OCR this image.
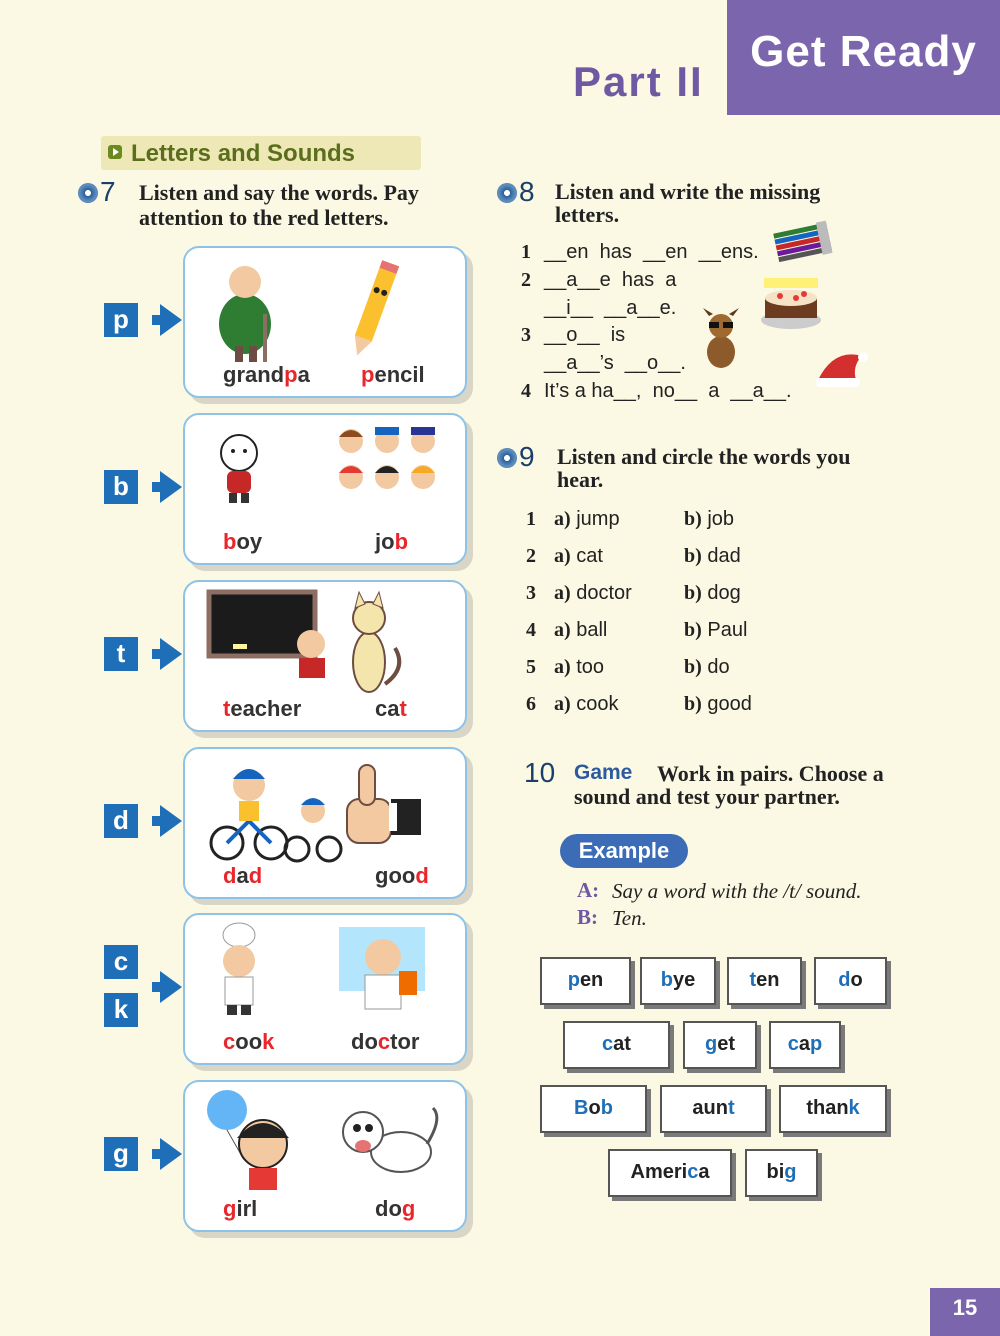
Get Ready
Part II
Letters and Sounds
7 Listen and say the words. Pay attention to the red letters.
grandpa pencil
p
boy	job
b
teacher	cat
t
dad	good
d
cook	doctor
c
k
girl	dog
g
8 Listen and write the missing letters.
1 __en  has  __en  __ens.
2 __a__e  has  a
__i__  __a__e.
3 __o__  is
__a__’s  __o__.
4 It’s a ha__,  no__  a  __a__.
9 Listen and circle the words you hear.
1 a) jump	b) job
2 a) cat	b) dad
3 a) doctor	b) dog
4 a) ball	b) Paul
5 a) too	b) do
6 a) cook	b) good
10 Game	Work in pairs. Choose a sound and test your partner.
Example
A: Say a word with the /t/ sound.
B: Ten.
pen	bye	ten	do
cat	get	cap
Bob	aunt	thank
America	big
15
